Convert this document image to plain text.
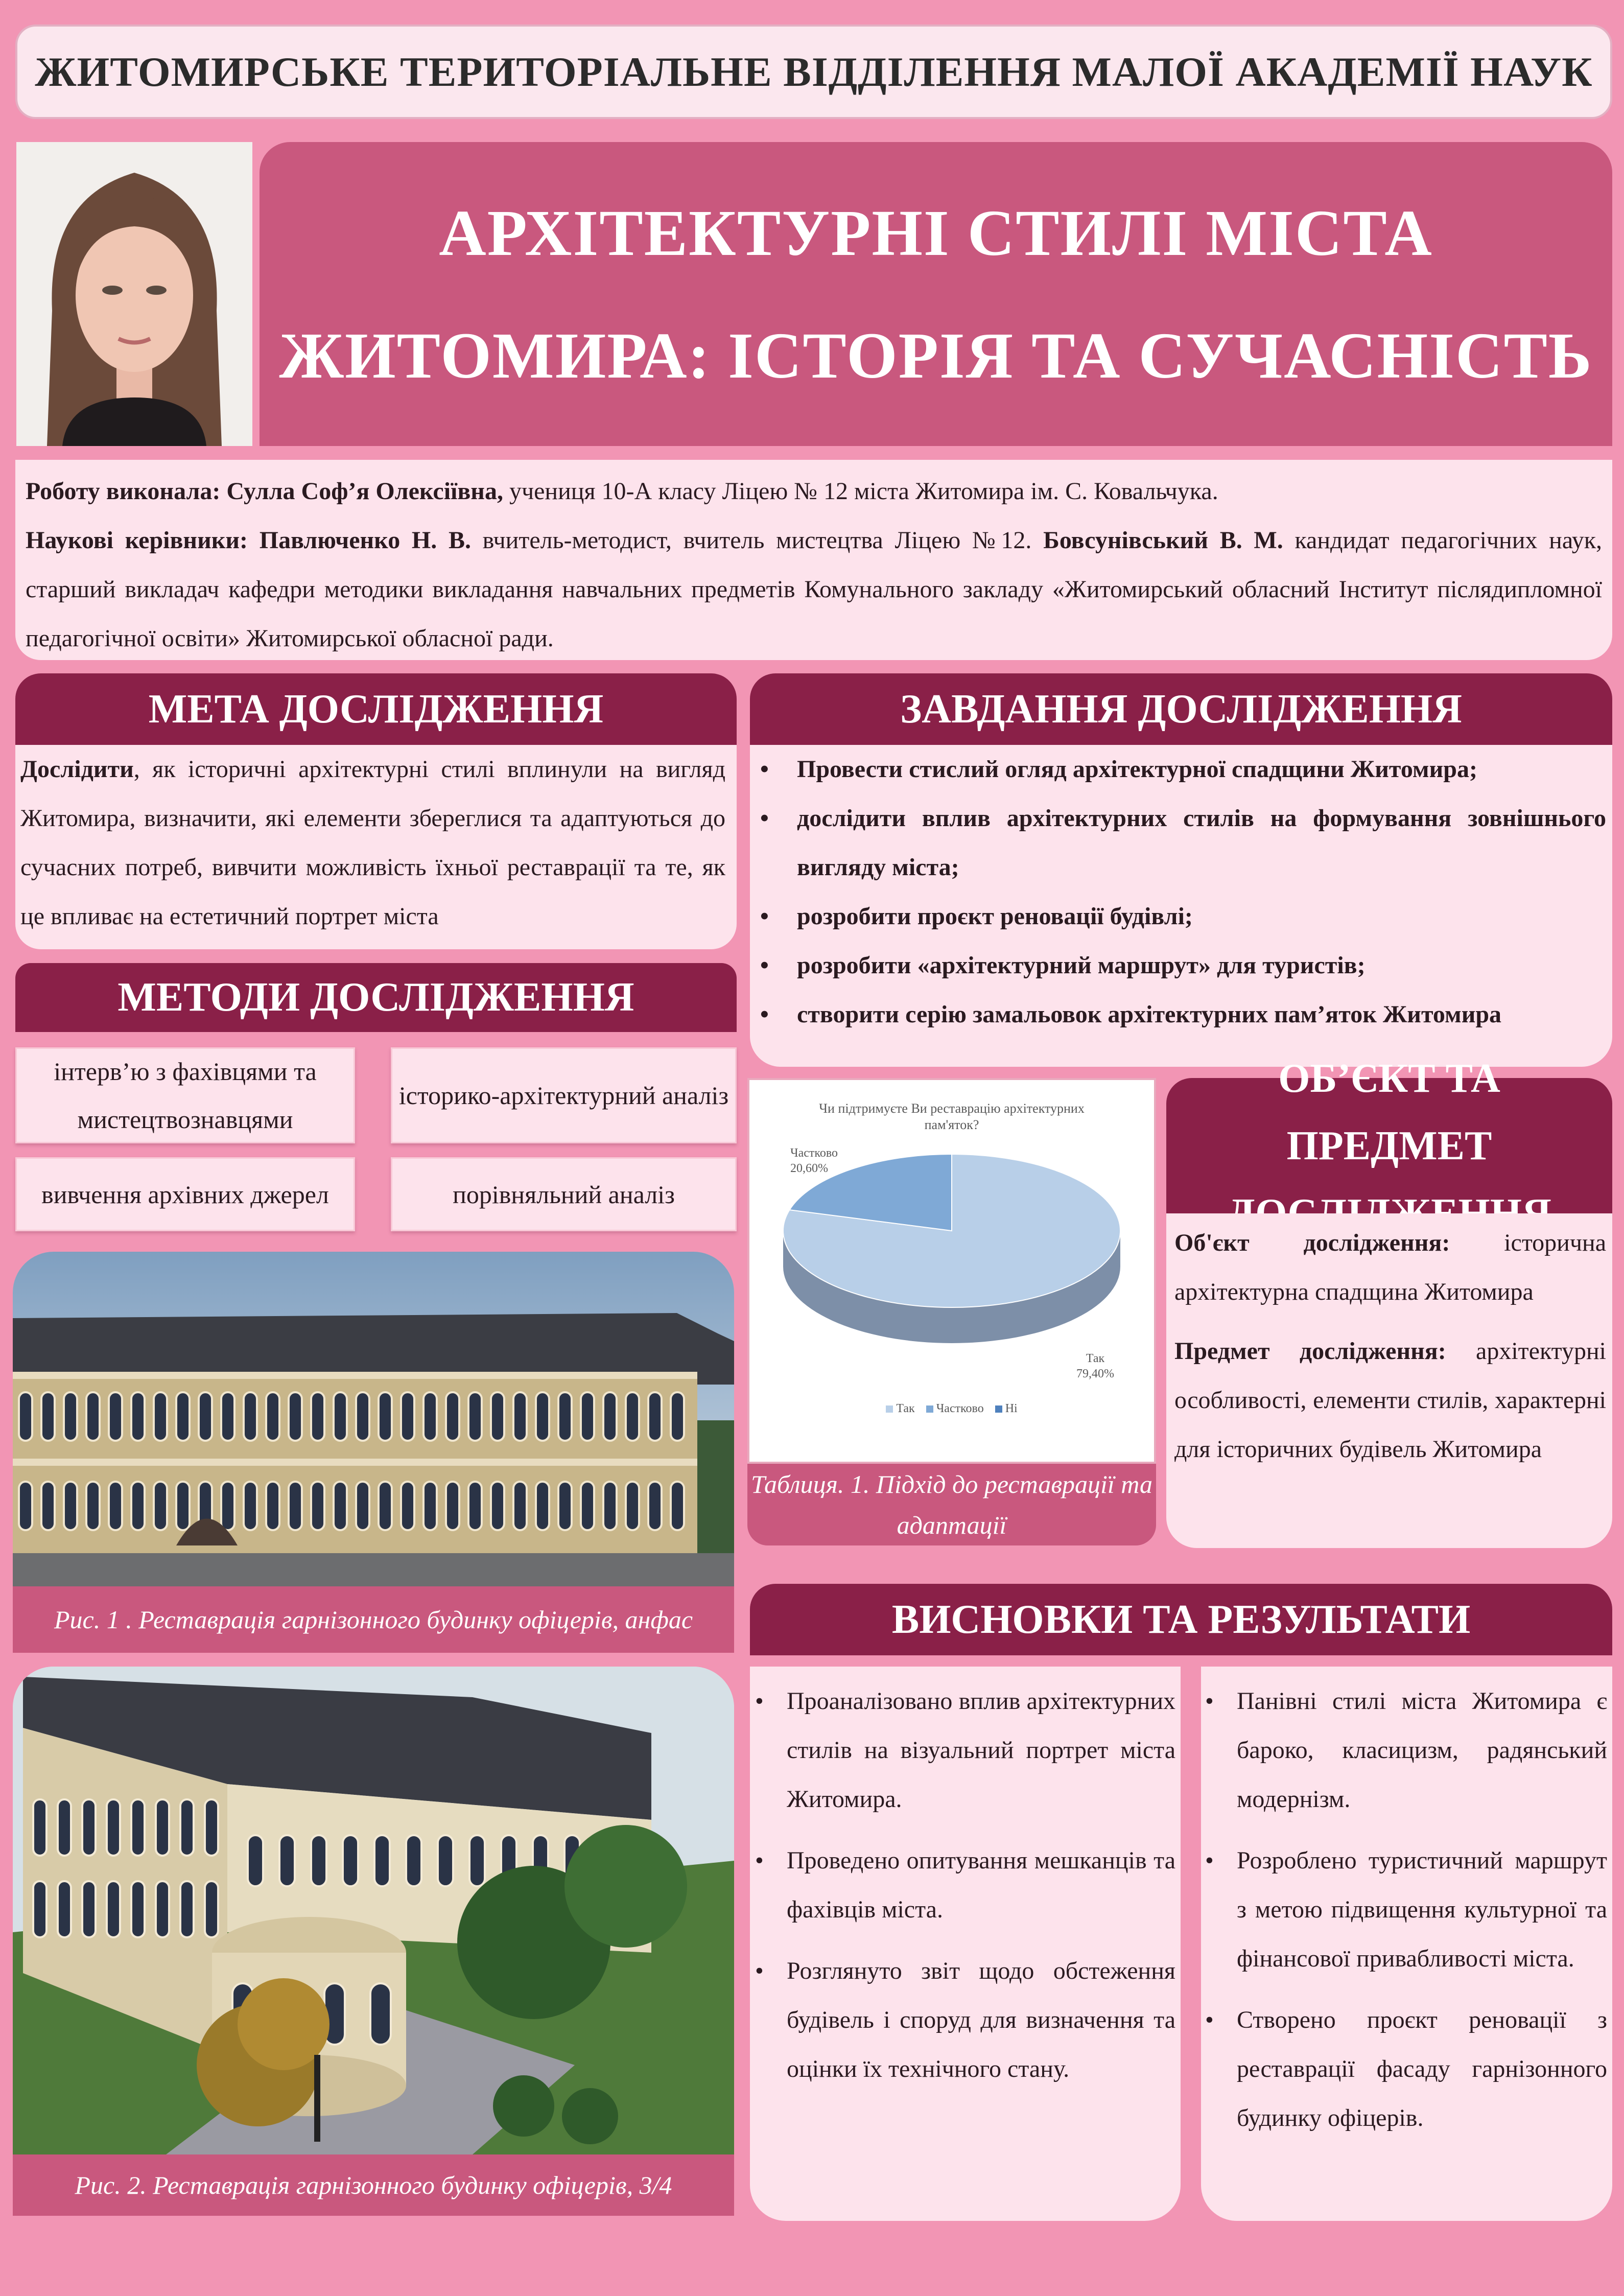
ЖИТОМИРСЬКЕ ТЕРИТОРІАЛЬНЕ ВІДДІЛЕННЯ МАЛОЇ АКАДЕМІЇ НАУК
АРХІТЕКТУРНІ СТИЛІ МІСТА
ЖИТОМИРА: ІСТОРІЯ ТА СУЧАСНІСТЬ
Роботу виконала: Сулла Соф’я Олексіївна, учениця 10-А класу Ліцею № 12 міста Житомира ім. С. Ковальчука.
Наукові керівники: Павлюченко Н. В. вчитель-методист, вчитель мистецтва Ліцею №12. Бовсунівський В. М. кандидат педагогічних наук, старший викладач кафедри методики викладання навчальних предметів Комунального закладу «Житомирський обласний Інститут післядипломної педагогічної освіти» Житомирської обласної ради.
МЕТА ДОСЛІДЖЕННЯ
Дослідити, як історичні архітектурні стилі вплинули на вигляд Житомира, визначити, які елементи збереглися та адаптуються до сучасних потреб, вивчити можливість їхньої реставрації та те, як це впливає на естетичний портрет міста
МЕТОДИ ДОСЛІДЖЕННЯ
інтерв’ю з фахівцями та мистецтвознавцями
історико-архітектурний аналіз
вивчення архівних джерел	порівняльний аналіз
ЗАВДАННЯ ДОСЛІДЖЕННЯ
• Провести стислий огляд архітектурної спадщини Житомира;
• дослідити вплив архітектурних стилів на формування зовнішнього вигляду міста;
• розробити проєкт реновації будівлі;
• розробити «архітектурний маршрут» для туристів;
• створити серію замальовок архітектурних пам’яток Житомира
Чи підтримуєте Ви реставрацію архітектурних пам'яток?
Частково
20,60%
Так
79,40%
Так Частково Ні
Таблиця. 1. Підхід до реставрації та адаптації
ОБ’ЄКТ ТА ПРЕДМЕТ
Об'єкт дослідження: історична архітектурна спадщина Житомира
Предмет дослідження: архітектурні особливості, елементи стилів, характерні для історичних будівель Житомира
Рис. 1 . Реставрація гарнізонного будинку офіцерів, анфас
Рис. 2. Реставрація гарнізонного будинку офіцерів, 3/4
ВИСНОВКИ ТА РЕЗУЛЬТАТИ
• Проаналізовано вплив архітектурних стилів на візуальний портрет міста Житомира.
• Проведено опитування мешканців та фахівців міста.
• Розглянуто звіт щодо обстеження будівель і споруд для визначення та оцінки їх технічного стану.
• Панівні стилі міста Житомира є бароко, класицизм, радянський модернізм.
• Розроблено туристичний маршрут з метою підвищення культурної та фінансової привабливості міста.
• Створено проєкт реновації з реставрації фасаду гарнізонного будинку офіцерів.
